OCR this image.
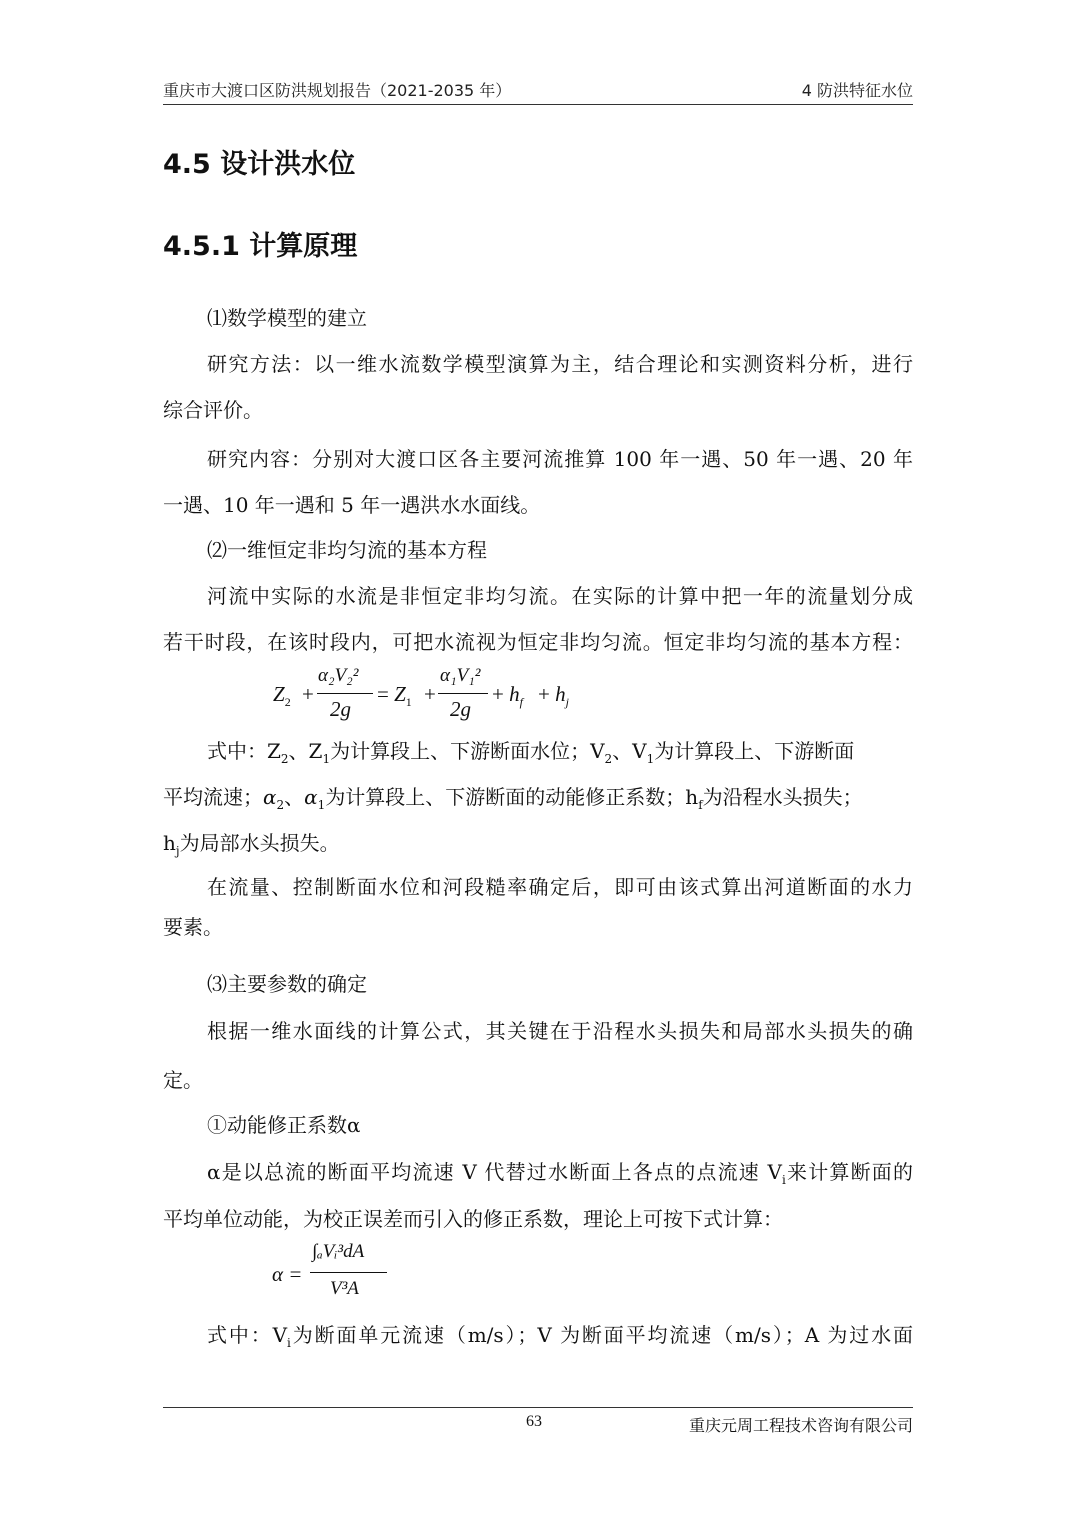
重庆市大渡口区防洪规划报告（2021-2035 年）	4 防洪特征水位
4.5 设计洪水位
4.5.1 计算原理
⑴数学模型的建立
研究方法：以一维水流数学模型演算为主，结合理论和实测资料分析，进行
综合评价。
研究内容：分别对大渡口区各主要河流推算 100 年一遇、50 年一遇、20 年
一遇、10 年一遇和 5 年一遇洪水水面线。
⑵一维恒定非均匀流的基本方程
河流中实际的水流是非恒定非均匀流。在实际的计算中把一年的流量划分成
若干时段，在该时段内，可把水流视为恒定非均匀流。恒定非均匀流的基本方程：
$Z_2$ +
α₂V₂²
2g
= $Z_1$ +
α₁V₁²
2g
+ $h_f + h_j$
式中：$Z_2$、$Z_1$为计算段上、下游断面水位；$V_2$、$V_1$为计算段上、下游断面
平均流速；$\alpha_2$、$\alpha_1$为计算段上、下游断面的动能修正系数；$h_f$为沿程水头损失；
$h_j$为局部水头损失。
在流量、控制断面水位和河段糙率确定后，即可由该式算出河道断面的水力
要素。
⑶主要参数的确定
根据一维水面线的计算公式，其关键在于沿程水头损失和局部水头损失的确
定。
①动能修正系数α
α是以总流的断面平均流速 V 代替过水断面上各点的点流速 $V_i$来计算断面的
平均单位动能，为校正误差而引入的修正系数，理论上可按下式计算：
α =
∫ₐVᵢ³dA
V³A
式中：$V_i$为断面单元流速（m/s）；V 为断面平均流速（m/s）；A 为过水面
63	重庆元周工程技术咨询有限公司
